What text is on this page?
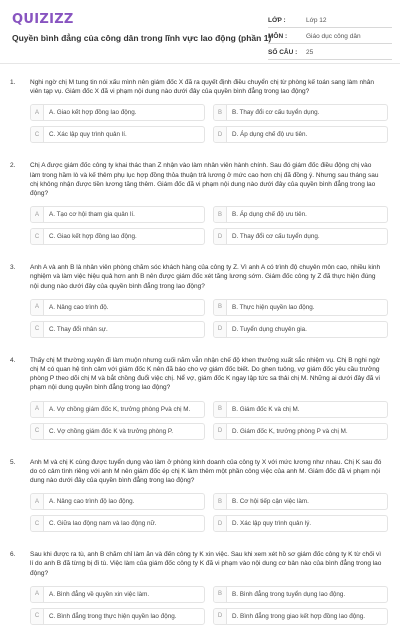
QUIZIZZ
Quyền bình đẳng của công dân trong lĩnh vực lao động (phần 1)
LỚP :	Lớp 12
MÔN :	Giáo dục công dân
SỐ CÂU :	25
1.	Nghi ngờ chị M tung tin nói xấu mình nên giám đốc X đã ra quyết định điều chuyển chị từ phòng kế toán sang làm nhân viên tạp vụ. Giám đốc X đã vi phạm nội dung nào dưới đây của quyền bình đẳng trong lao động?
A	A. Giao kết hợp đồng lao động.	B	B. Thay đổi cơ cấu tuyển dụng.
C	C. Xác lập quy trình quản lí.	D	D. Áp dụng chế độ ưu tiên.
2.	Chị A được giám đốc công ty khai thác than Z nhận vào làm nhân viên hành chính. Sau đó giám đốc điều động chị vào làm trong hầm lò và kế thêm phụ lục hợp đồng thỏa thuận trả lương ở mức cao hơn chị đã đồng ý. Nhưng sau tháng sau chị không nhận được tiền lương tăng thêm. Giám đốc đã vi phạm nội dung nào dưới đây của quyền bình đẳng trong lao động?
A	A. Tạo cơ hội tham gia quản lí.	B	B. Áp dụng chế độ ưu tiên.
C	C. Giao kết hợp đồng lao động.	D	D. Thay đổi cơ cấu tuyển dụng.
3.	Anh A và anh B là nhân viên phòng chăm sóc khách hàng của công ty Z. Vì anh A có trình độ chuyên môn cao, nhiều kinh nghiệm và làm việc hiệu quả hơn anh B nên được giám đốc xét tăng lương sớm. Giám đốc công ty Z đã thực hiện đúng nội dung nào dưới đây của quyền bình đẳng trong lao động?
A	A. Nâng cao trình độ.	B	B. Thực hiện quyền lao động.
C	C. Thay đổi nhân sự.	D	D. Tuyển dụng chuyên gia.
4.	Thấy chị M thường xuyên đi làm muộn nhưng cuối năm vẫn nhận chế độ khen thưởng xuất sắc nhiệm vụ. Chị B nghi ngờ chị M có quan hệ tình cảm với giám đốc K nên đã báo cho vợ giám đốc biết. Do ghen tuông, vợ giám đốc yêu cầu trưởng phòng P theo dõi chị M và bắt chồng đuổi việc chị. Nể vợ, giám đốc K ngay lập tức sa thải chị M. Những ai dưới đây đã vi phạm nội dung quyền bình đẳng trong lao động?
A	A. Vợ chồng giám đốc K, trưởng phòng Pvà chị M.	B	B. Giám đốc K và chị M.
C	C. Vợ chồng giám đốc K và trưởng phòng P.	D	D. Giám đốc K, trưởng phòng P và chị M.
5.	Anh M và chị K cùng được tuyển dụng vào làm ở phòng kinh doanh của công ty X với mức lương như nhau. Chị K sau đó do có cảm tình riêng với anh M nên giám đốc ép chị K làm thêm một phần công việc của anh M. Giám đốc đã vi phạm nội dung nào dưới đây của quyền bình đẳng trong lao động?
A	A. Nâng cao trình độ lao động.	B	B. Cơ hội tiếp cận việc làm.
C	C. Giữa lao động nam và lao động nữ.	D	D. Xác lập quy trình quản lý.
6.	Sau khi được ra tù, anh B chăm chỉ làm ăn và đến công ty K xin việc. Sau khi xem xét hồ sơ giám đốc công ty K từ chối vì lí do anh B đã từng bị đi tù. Việc làm của giám đốc công ty K đã vi phạm vào nội dung cơ bản nào của bình đẳng trong lao động?
A	A. Bình đẳng về quyền xin việc làm.	B	B. Bình đẳng trong tuyển dụng lao động.
C	C. Bình đẳng trong thực hiện quyền lao động.	D	D. Bình đẳng trong giao kết hợp đồng lao động.
